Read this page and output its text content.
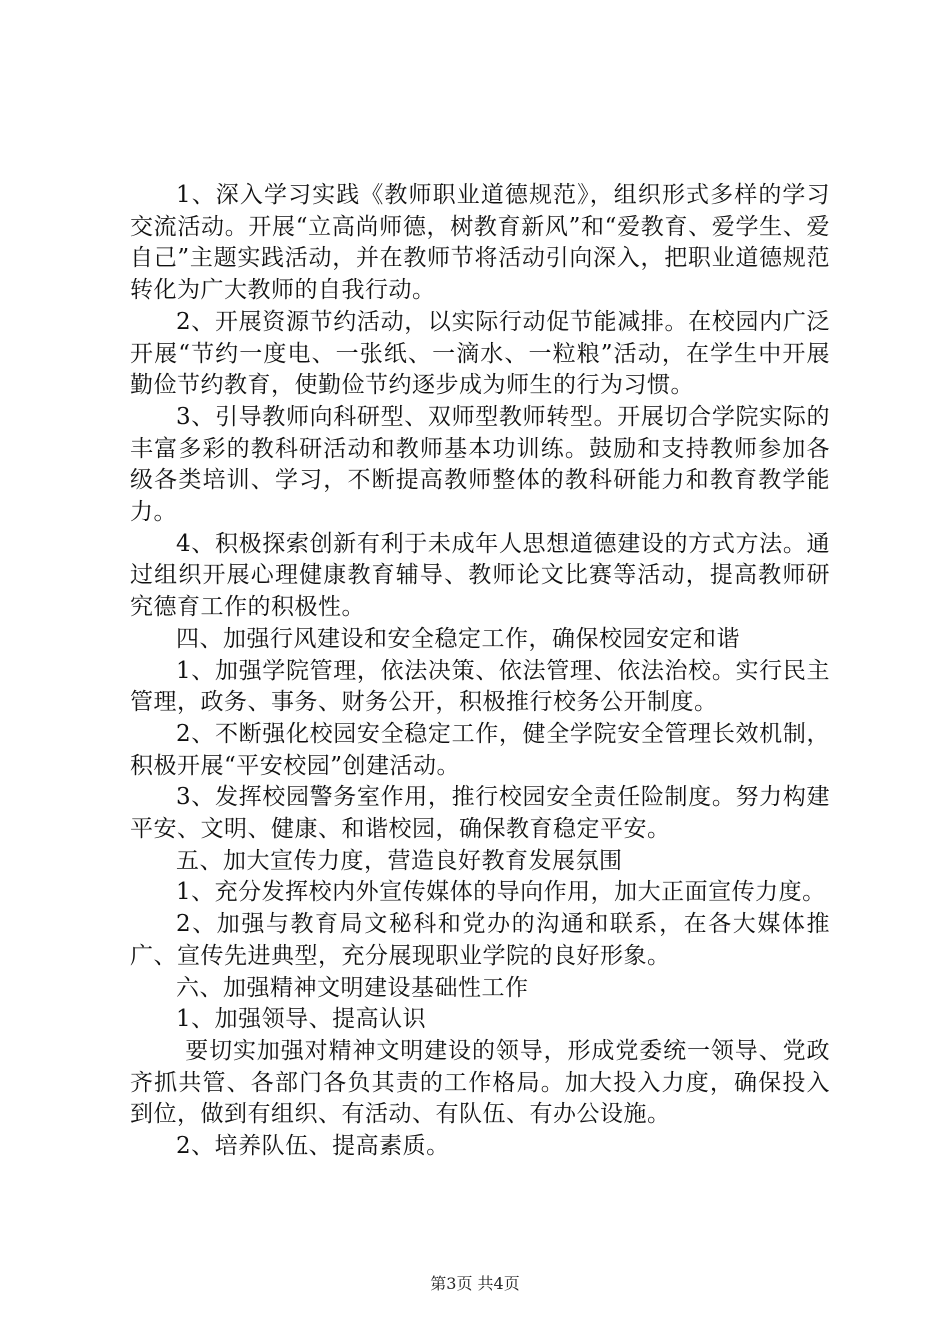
1、深入学习实践《教师职业道德规范》，组织形式多样的学习交流活动。开展“立高尚师德，树教育新风”和“爱教育、爱学生、爱自己”主题实践活动，并在教师节将活动引向深入，把职业道德规范转化为广大教师的自我行动。

2、开展资源节约活动，以实际行动促节能减排。在校园内广泛开展“节约一度电、一张纸、一滴水、一粒粮”活动，在学生中开展勤俭节约教育，使勤俭节约逐步成为师生的行为习惯。

3、引导教师向科研型、双师型教师转型。开展切合学院实际的丰富多彩的教科研活动和教师基本功训练。鼓励和支持教师参加各级各类培训、学习，不断提高教师整体的教科研能力和教育教学能力。

4、积极探索创新有利于未成年人思想道德建设的方式方法。通过组织开展心理健康教育辅导、教师论文比赛等活动，提高教师研究德育工作的积极性。

四、加强行风建设和安全稳定工作，确保校园安定和谐

1、加强学院管理，依法决策、依法管理、依法治校。实行民主管理，政务、事务、财务公开，积极推行校务公开制度。

2、不断强化校园安全稳定工作，健全学院安全管理长效机制，积极开展“平安校园”创建活动。

3、发挥校园警务室作用，推行校园安全责任险制度。努力构建平安、文明、健康、和谐校园，确保教育稳定平安。

五、加大宣传力度，营造良好教育发展氛围

1、充分发挥校内外宣传媒体的导向作用，加大正面宣传力度。

2、加强与教育局文秘科和党办的沟通和联系，在各大媒体推广、宣传先进典型，充分展现职业学院的良好形象。

六、加强精神文明建设基础性工作

1、加强领导、提高认识

要切实加强对精神文明建设的领导，形成党委统一领导、党政齐抓共管、各部门各负其责的工作格局。加大投入力度，确保投入到位，做到有组织、有活动、有队伍、有办公设施。

2、培养队伍、提高素质。

第3页 共4页
